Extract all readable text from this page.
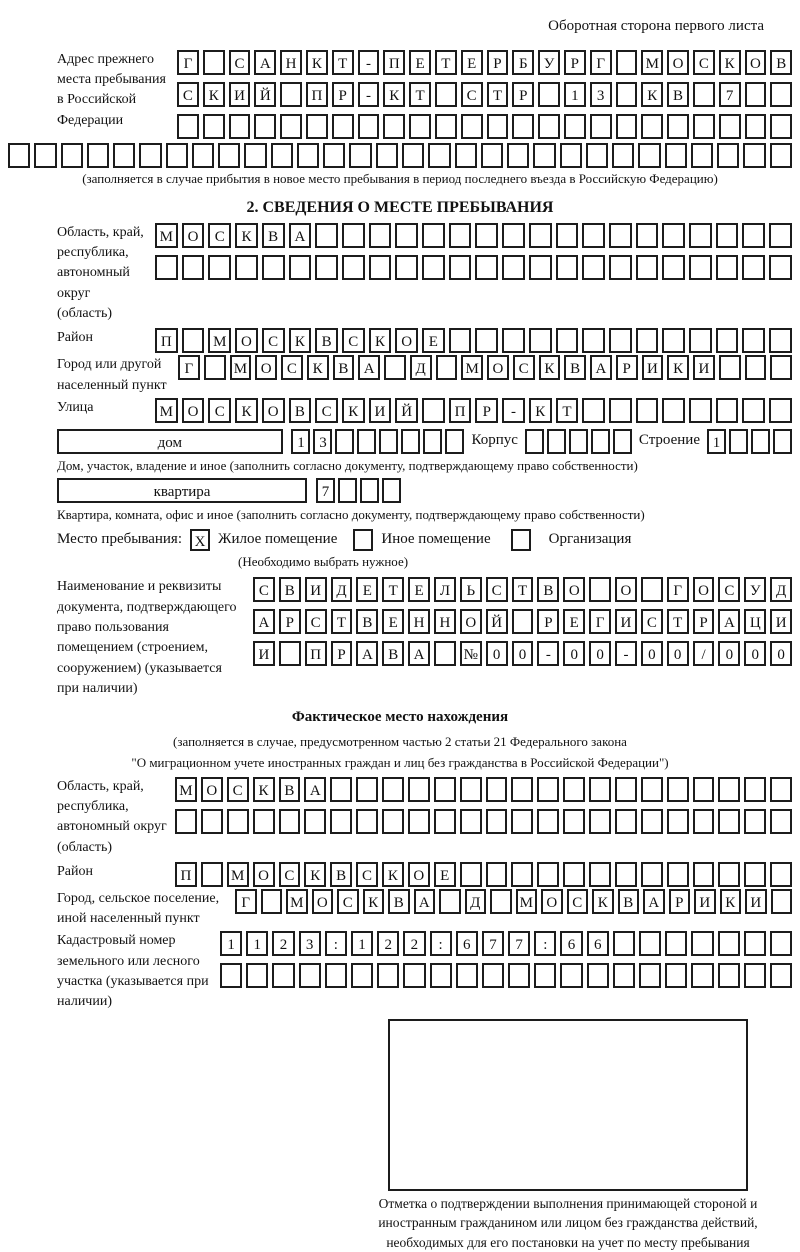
Оборотная сторона первого листа
Адрес прежнего места пребывания в Российской Федерации
Г	С	А Н	К	Т	-	П	Е	Т	Е	Р	Б	У	Р	Г	М О	С	К	О	В
С	К	И Й	П	Р	-	К	Т	С	Т	Р	1	3	К	В	7
(заполняется в случае прибытия в новое место пребывания в период последнего въезда в Российскую Федерацию)
2. СВЕДЕНИЯ О МЕСТЕ ПРЕБЫВАНИЯ
Область, край, республика, автономный округ (область)
М О	С	К	В	А
Район	П	М О	С	К	В	С	К	О	Е
Город или другой населенный пункт
Г	М О	С	К	В	А	Д	М О	С	К	В	А	Р	И	К	И
Улица	М О	С	К	О	В	С	К	И	Й	П	Р	-	К	Т
дом	1 3	Корпус	Строение 1
Дом, участок, владение и иное (заполнить согласно документу, подтверждающему право собственности)
квартира	7
Квартира, комната, офис и иное (заполнить согласно документу, подтверждающему право собственности)
Место пребывания: X Жилое помещение	Иное помещение	Организация
(Необходимо выбрать нужное)
Наименование и реквизиты документа, подтверждающего право пользования помещением (строением, сооружением) (указывается при наличии)
С	В	И	Д	Е	Т	Е	Л	Ь	С	Т	В	О	О	Г	О	С	У	Д
А	Р	С	Т	В	Е	Н	Н	О	Й	Р	Е	Г	И	С	Т	Р	А	Ц	И
И	П	Р	А	В	А	№ 0	0	-	0	0	-	0	0	/	0	0	0
Фактическое место нахождения
(заполняется в случае, предусмотренном частью 2 статьи 21 Федерального закона
"О миграционном учете иностранных граждан и лиц без гражданства в Российской Федерации")
Область, край, республика, автономный округ (область)
М О	С	К	В	А
Район	П	М О	С	К	В	С	К	О	Е
Город, сельское поселение, иной населенный пункт
Г	М О	С	К	В	А	Д	М О	С	К	В	А	Р	И	К	И
Кадастровый номер земельного или лесного участка (указывается при наличии)
1	1	2	3	:	1	2	2	:	6	7	7	:	6	6
Отметка о подтверждении выполнения принимающей стороной и иностранным гражданином или лицом без гражданства действий, необходимых для его постановки на учет по месту пребывания
